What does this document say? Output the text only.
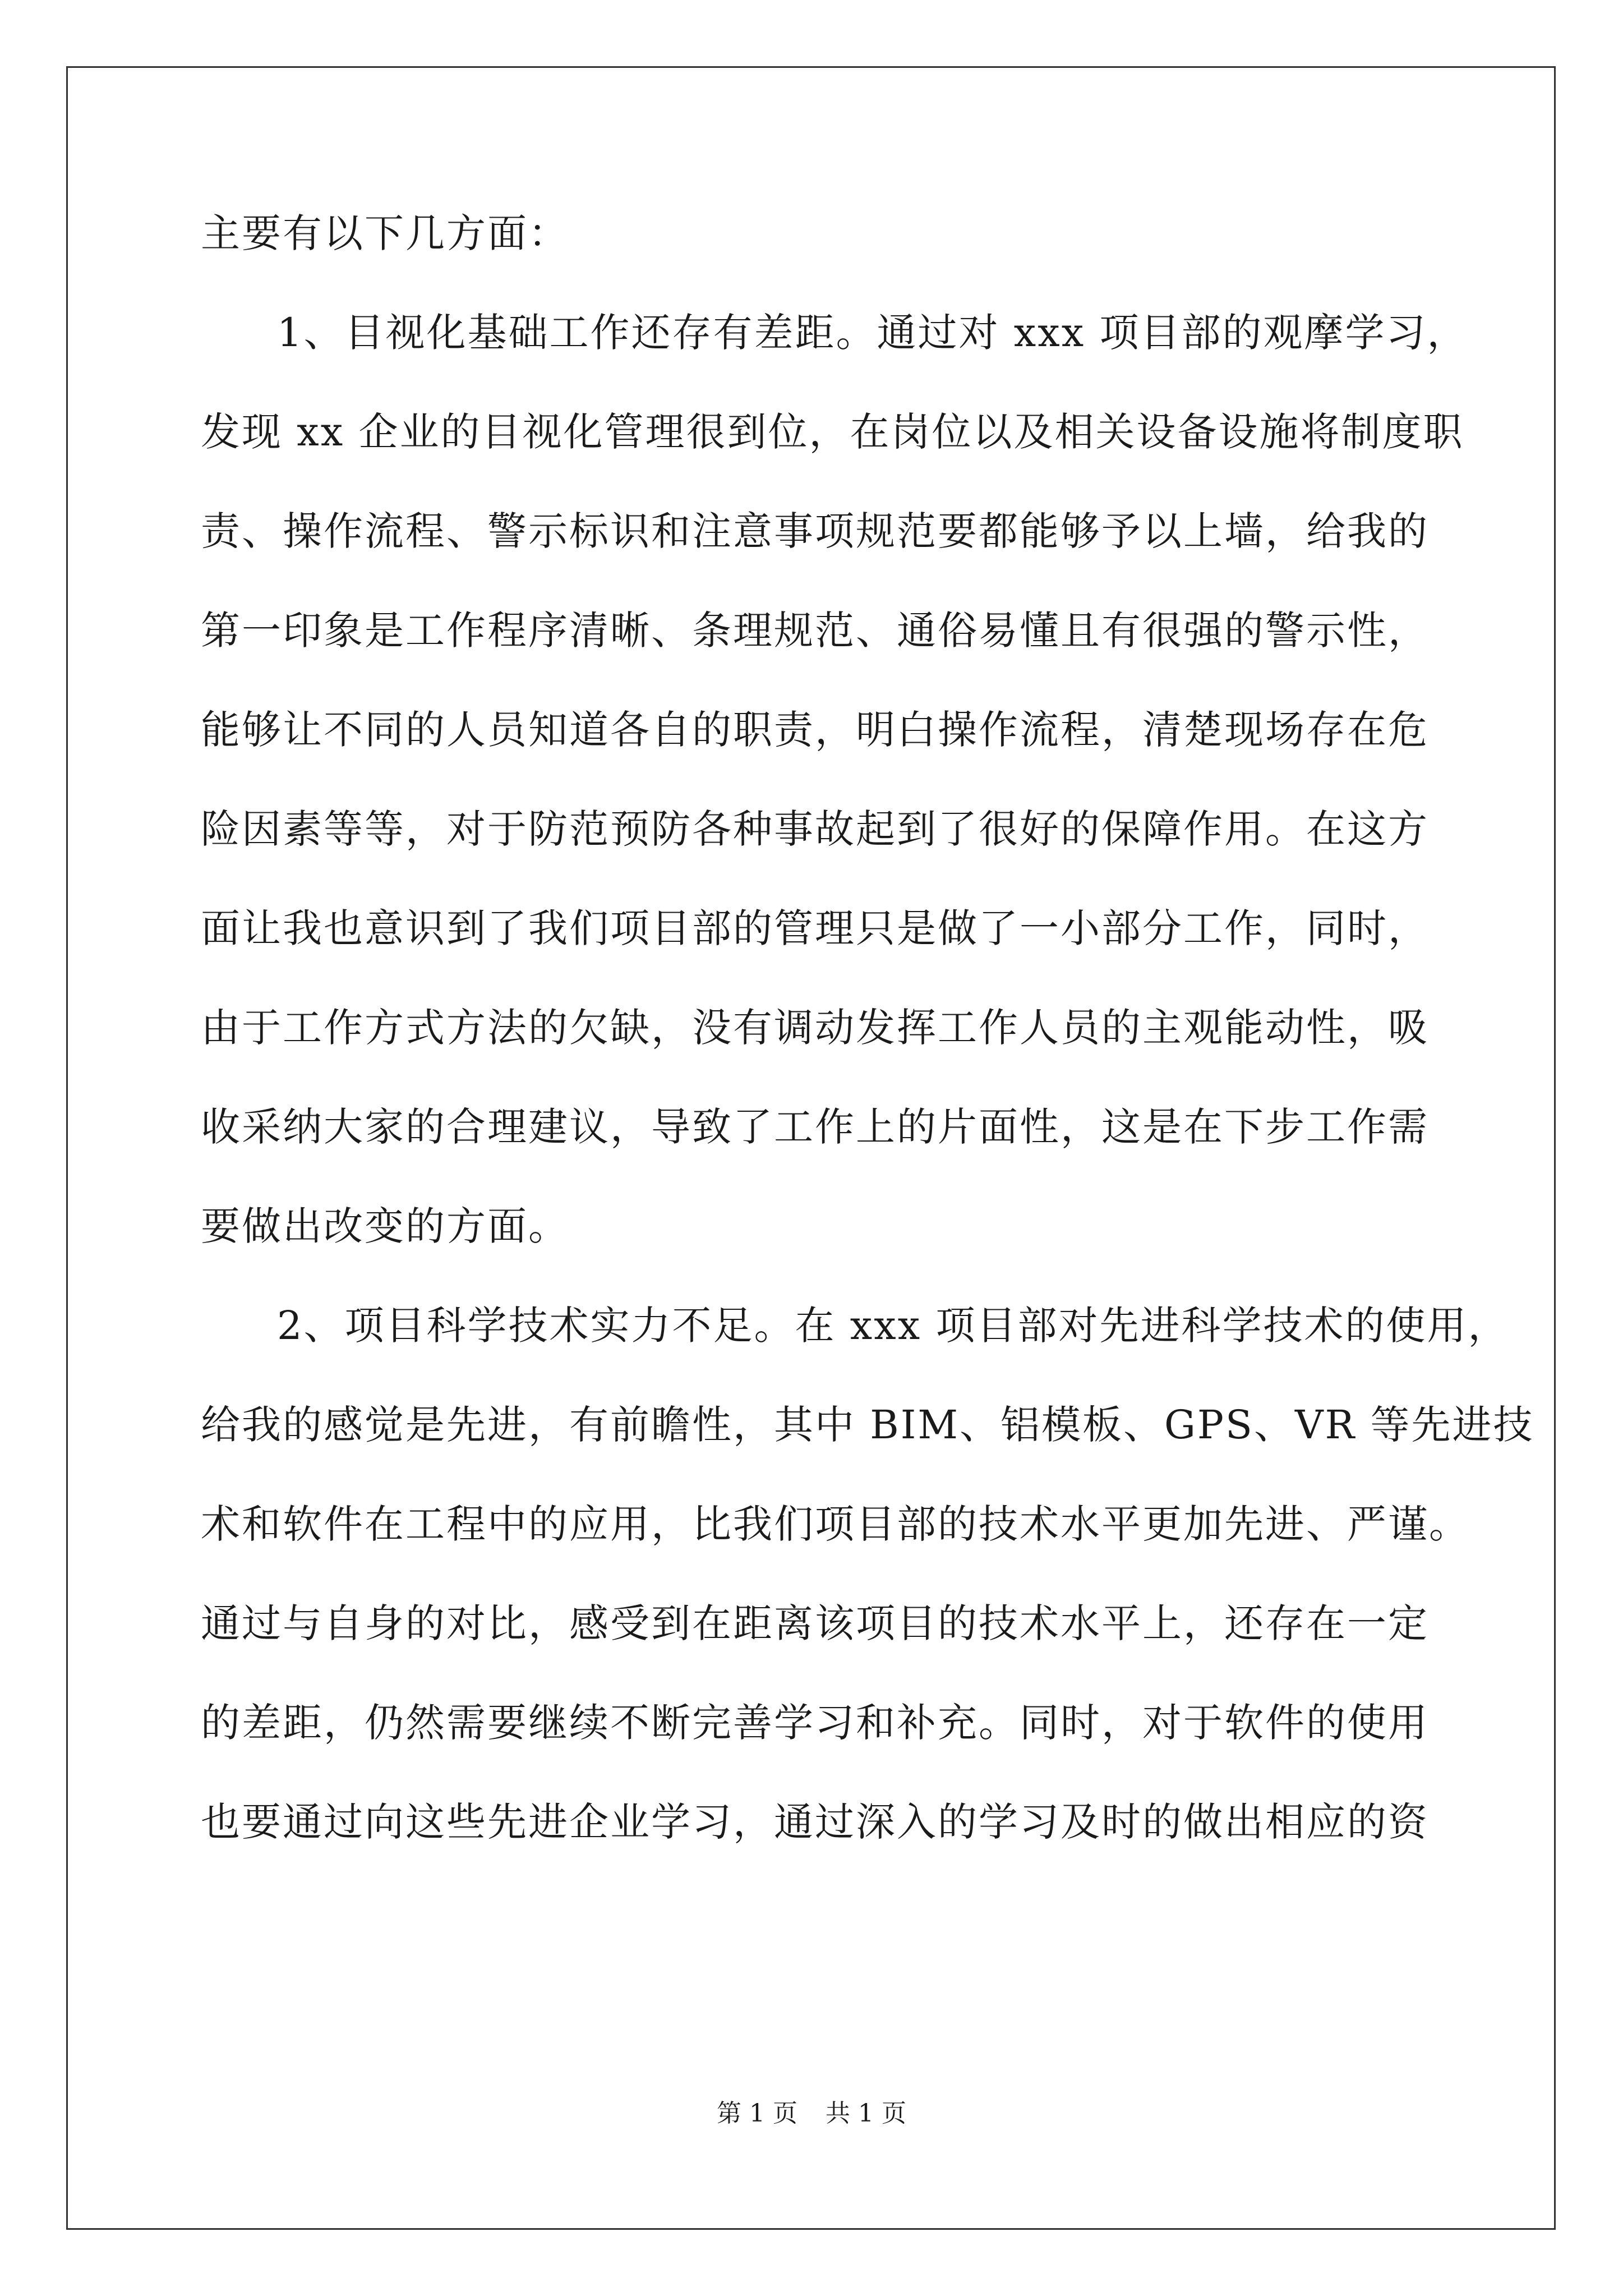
主要有以下几方面：
1、目视化基础工作还存有差距。通过对 xxx 项目部的观摩学习，
发现 xx 企业的目视化管理很到位，在岗位以及相关设备设施将制度职
责、操作流程、警示标识和注意事项规范要都能够予以上墙，给我的
第一印象是工作程序清晰、条理规范、通俗易懂且有很强的警示性，
能够让不同的人员知道各自的职责，明白操作流程，清楚现场存在危
险因素等等，对于防范预防各种事故起到了很好的保障作用。在这方
面让我也意识到了我们项目部的管理只是做了一小部分工作，同时，
由于工作方式方法的欠缺，没有调动发挥工作人员的主观能动性，吸
收采纳大家的合理建议，导致了工作上的片面性，这是在下步工作需
要做出改变的方面。
2、项目科学技术实力不足。在 xxx 项目部对先进科学技术的使用，
给我的感觉是先进，有前瞻性，其中 BIM、铝模板、GPS、VR 等先进技
术和软件在工程中的应用，比我们项目部的技术水平更加先进、严谨。
通过与自身的对比，感受到在距离该项目的技术水平上，还存在一定
的差距，仍然需要继续不断完善学习和补充。同时，对于软件的使用
也要通过向这些先进企业学习，通过深入的学习及时的做出相应的资
第 1 页 共 1 页
